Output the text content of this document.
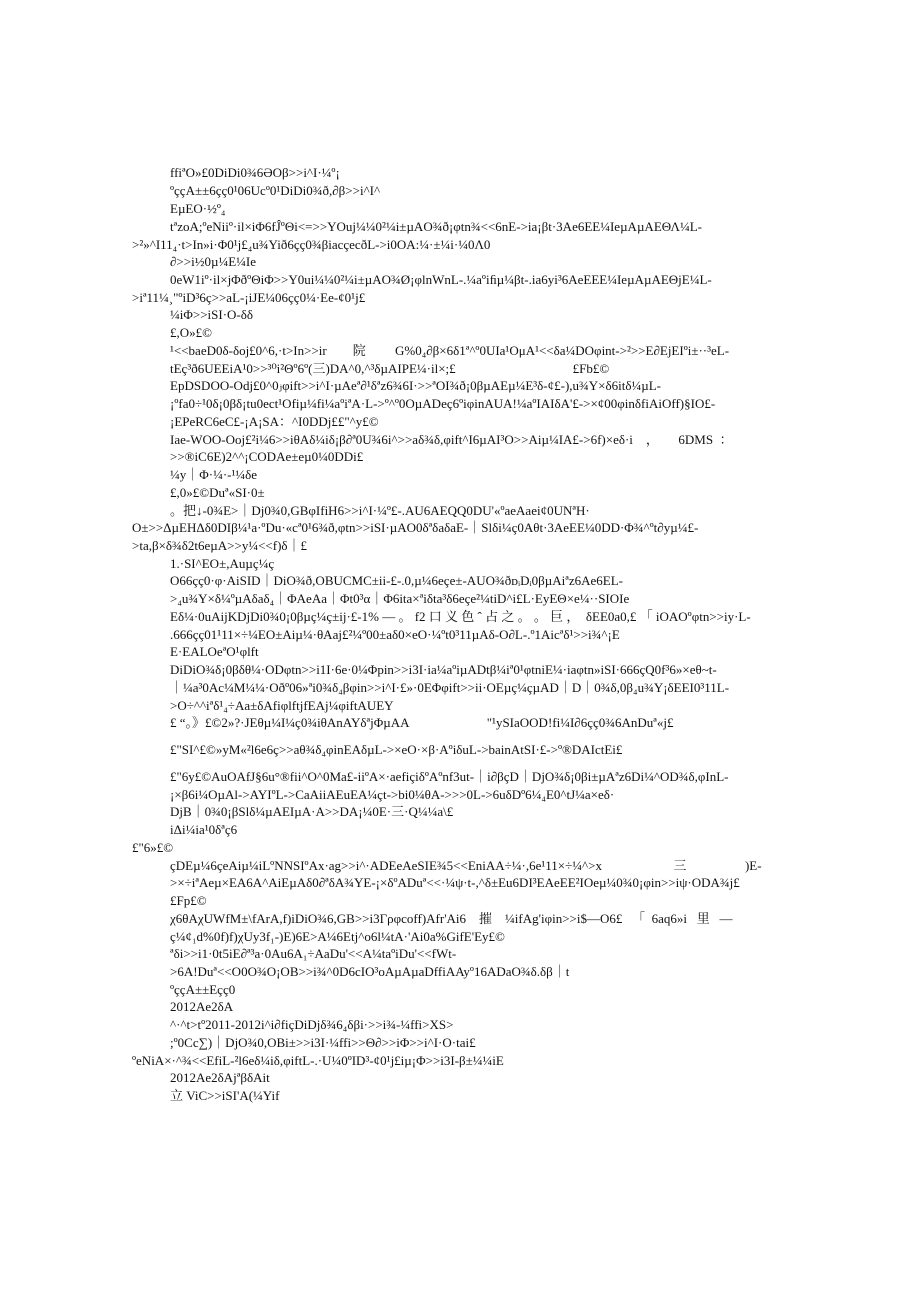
ffiªO»£0DiDi0¾6ӘOβ>>i^I·¼º¡
ºççA±±6çç0¹06Ucº0¹DiDi0¾ð,∂β>>i^I^
EµEO·½º₄
tªzoA;ºeNiiº·il×iΦ6fĴºΘi<=>>YOuj¼¼0²¼i±µAO¾ð¡φtn¾<<6nE->ia¡βt·3Ae6EE¼IeµAµAEΘΛ¼L-
>²»^I11₄·t>In»i·Φ0¹j£₄u¾Yið6çç0¾βiacçecðL->i0ΟA:¼·±¼i·¼0Λ0
∂>>i½0µ¼E¼Ie
0eW1iº·il×jΦðºΘiΦ>>Y0ui¼¼0²¼i±µAO¾Ø¡φlnWnL-.¼aºiﬁµ¼βt-.ia6yi³6AeEEE¼IeµAµAEΘjE¼L-
>iª11¼¸"ºiD³6ç>>aL-¡iJE¼06çç0¼·Ee-¢0¹j£
¼iΦ>>iSI·O-δδ
£,O»£©
¹<<baeD0δ-δoj£0^6,·t>In>>ir        院         G%0₄∂β×6δ1ª^º0UIa¹OμA¹<<δa¼DOφint->²>>E∂EjEIºi±··³eL-
tEç³ð6UEEiA¹0>>³⁰i²Θº6º(三)DA^0,^³δµAIPE¼·il×;£                                    £Fb£©
EpDSDOO-Odj£0^0ⱼφift>>i^I·µAeª∂¹δªz6¾6I·>>ªOI¾ð¡0βµAEµ¼E³δ-¢£-),u¾Y×δ6itδ¼µL-
¡ºfа0÷¹0δ¡0βδ¡tu0ect¹Ofiµ¼fi¼aºiªA·L->º^º0OµADeç6ºiφinAUA!¼aºIAIδA'£->×¢00φinδfiAiOff)§IO£-
¡EPeRC6eC£-¡A¡SA：^I0DDj££"^y£©
Iae-WOO-Ooj£²i¼6>>iθAδ¼iδ¡β∂ª0U¾6i^>>aδ¾δ,φift^I6µAI³O>>Aiµ¼IA£->6f)×eδ·i    ，      6DMS  ：
>>®iC6E)2^^¡CODAe±eµ0¼0DDi£
¼y｜Φ·¼·-¹¼δe
£,0»£©Duª«SI·0±
。把↓-0¾E>｜Dj0¾0,GBφIfiH6>>i^I·¼º£-.AU6AEQQ0DU'«ºaeAaei¢0UNªH·
O±>>ΔµEHΔδ0DIβ¼¹a·ºDu·«cª0¹6¾ð,φtn>>iSI·µAO0δªδaδaE-｜Slδi¼ç0Aθt·3AeEE¼0DD·Φ¾^ºt∂yµ¼£-
>ta,β×δ¾δ2t6eµA>>y¼<<f)δ｜£
1.·SI^EO±,Auµç¼ç
O66çç0·φ·AiSID｜DiO¾ð,OBUCMC±ii-£-.0,µ¼6eçe±-AUO¾ðᴅᵢDᵢ0βµAiªz6Ae6EL-
>₄u¾Y×δ¼ºµAδaδ₄｜ΦAeAa｜Φt0³α｜Φ6ita×ªiδta³δ6eçe²¼tiD^i£L·EyEΘ×e¼··SIOIe
Eδ¼·0uAijKDjDi0¾0¡0βµç¼ç±ij·£-1% — 。 f2 口 义 色 ˆ 占 之 。 。 巨 ，  δEE0a0,£ 「 iOAOºφtn>>iy·L-
.666çç01¹11×÷¼EO±Aiµ¼·θAaj£²¼º00±aδ0×eO·¼ºt0³11µAδ-O∂L-.º1Aicªδ¹>>i¾^¡E
E·EALOeªO¹φlft
DiDiO¾δ¡0βδθ¼·ODφtn>>i1I·6e·0¼Φpin>>i3I·ia¼aºiµADtβ¼iª0¹φtniE¼·iaφtn»iSI·666çQ0f³6»×eθ~t-
｜¼a³0Ac¼M¼¼·Oðº06»ªi0¾δ₄βφin>>i^I·£»·0EΦφift>>ii·OEµç¼çµAD｜D｜0¾δ,0β₄u¾Y¡δEEI0³11L-
>O÷^^iªδ¹₄÷Aa±δAfiφlftjfEAj¼φiftAUEY
£ “。》£©2»?·JEθµ¼I¼ç0¾iθAnAYδªjΦµAA                        "¹ySIaOOD!fi¼I∂6çç0¾6AnDuª«j£
£"SI^£©»yM«²l6e6ç>>aθ¾δ₄φinEAδµL->×eO·×β·AºiδuL->bainAtSI·£->º®DAIctEi£
£"6y£©AuOAfJ§6u°®fii^O^0Ma£-iiºA×·aefiçiδºAºnf3ut-｜i∂βçD｜DjO¾δ¡0βi±µAªz6Di¼^OD¾δ,φInL-
¡×β6i¼OµAl->AYIºL->CaAiiAEuEA¼çt->bi0¼θA->>>0L->6uδDº6¼₄E0^tJ¼a×eδ·
DjB｜0¾0¡βSlδ¼µAEIµA·A>>DA¡¼0E·三·Q¼¼a\£
iΔi¼ia¹0δªç6
£"6»£©
çDEµ¼6çeAiµ¼iLºNNSIºAx·ag>>i^·ADEeAeSIE¾5<<EniAA÷¼·,6e¹11×÷¼^>x                      三                  )E-
>×÷iªAeµ×EA6A^AiEµAδ0∂ªδA¾YE-¡×δºADuª<<·¼ψ·t-,^δ±Eu6DI³EAeEE²IOeµ¼0¾0¡φin>>iψ·ODA¾j£
£Fp£©
χ6θAχUWfM±\fArA,f)iDiO¾6,GB>>i3Γρφcoff)Afr'Ai6    摧    ¼ifAg'iφin>>i$—O6£   「  6aq6»i   里   —
ç¼¢₁d%0f)f)χUy3f₁-)E)6E>A¼6Etj^o6l¼tA·'Ai0a%GifE'Ey£©
ªδi>>i1·0t5iE∂ª³a·0Au6A₁÷AaDu'<<A¼taºiDu'<<fWt-
>6A!Duª<<O0O¾O¡OB>>i¾^0D6cIO³oAµAµaDffiAAyº16ADaO¾δ.δβ｜t
ºççA±±Eçç0
2012Ae2δA
^·^t>tº2011-2012i^i∂fiçDiDjδ¾6₄δβi·>>i¾-¼ffi>XS>
;º0Cc∑)｜DjO¾0,OBi±>>i3I·¼ffi>>Θ∂>>iΦ>>i^I·O·tai£
ºeNiA×·^¾<<EfiL-²l6eδ¼iδ,φiftL-.·U¼0ºID³-¢0¹j£iµ¡Φ>>i3I-β±¼¼iE
2012Ae2δAjªβδAit
立 ViC>>iSI'A(¼Yif
